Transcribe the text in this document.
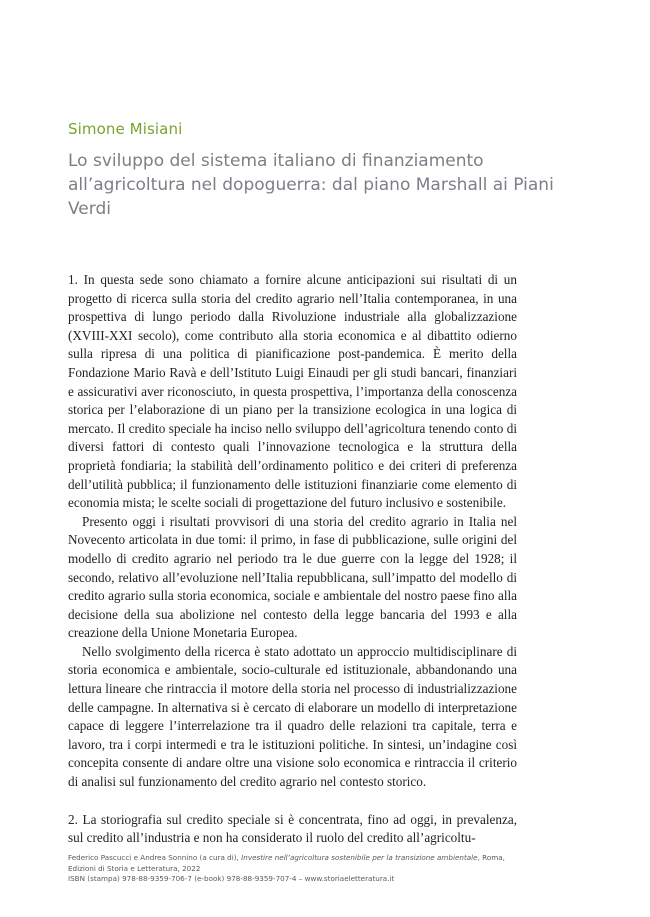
Simone Misiani
Lo sviluppo del sistema italiano di finanziamento all’agricoltura nel dopoguerra: dal piano Marshall ai Piani Verdi

1. In questa sede sono chiamato a fornire alcune anticipazioni sui risultati di un progetto di ricerca sulla storia del credito agrario nell’Italia contemporanea, in una prospettiva di lungo periodo dalla Rivoluzione industriale alla globalizzazione (XVIII-XXI secolo), come contributo alla storia economica e al dibattito odierno sulla ripresa di una politica di pianificazione post-pandemica. È merito della Fondazione Mario Ravà e dell’Istituto Luigi Einaudi per gli studi bancari, finanziari e assicurativi aver riconosciuto, in questa prospettiva, l’importanza della conoscenza storica per l’elaborazione di un piano per la transizione ecologica in una logica di mercato. Il credito speciale ha inciso nello sviluppo dell’agricoltura tenendo conto di diversi fattori di contesto quali l’innovazione tecnologica e la struttura della proprietà fondiaria; la stabilità dell’ordinamento politico e dei criteri di preferenza dell’utilità pubblica; il funzionamento delle istituzioni finanziarie come elemento di economia mista; le scelte sociali di progettazione del futuro inclusivo e sostenibile.

Presento oggi i risultati provvisori di una storia del credito agrario in Italia nel Novecento articolata in due tomi: il primo, in fase di pubblicazione, sulle origini del modello di credito agrario nel periodo tra le due guerre con la legge del 1928; il secondo, relativo all’evoluzione nell’Italia repubblicana, sull’impatto del modello di credito agrario sulla storia economica, sociale e ambientale del nostro paese fino alla decisione della sua abolizione nel contesto della legge bancaria del 1993 e alla creazione della Unione Monetaria Europea.

Nello svolgimento della ricerca è stato adottato un approccio multidisciplinare di storia economica e ambientale, socio-culturale ed istituzionale, abbandonando una lettura lineare che rintraccia il motore della storia nel processo di industrializzazione delle campagne. In alternativa si è cercato di elaborare un modello di interpretazione capace di leggere l’interrelazione tra il quadro delle relazioni tra capitale, terra e lavoro, tra i corpi intermedi e tra le istituzioni politiche. In sintesi, un’indagine così concepita consente di andare oltre una visione solo economica e rintraccia il criterio di analisi sul funzionamento del credito agrario nel contesto storico.

2. La storiografia sul credito speciale si è concentrata, fino ad oggi, in prevalenza, sul credito all’industria e non ha considerato il ruolo del credito all’agricoltu-

Federico Pascucci e Andrea Sonnino (a cura di), Investire nell’agricoltura sostenibile per la transizione ambientale, Roma, Edizioni di Storia e Letteratura, 2022
ISBN (stampa) 978-88-9359-706-7 (e-book) 978-88-9359-707-4 – www.storiaeletteratura.it
